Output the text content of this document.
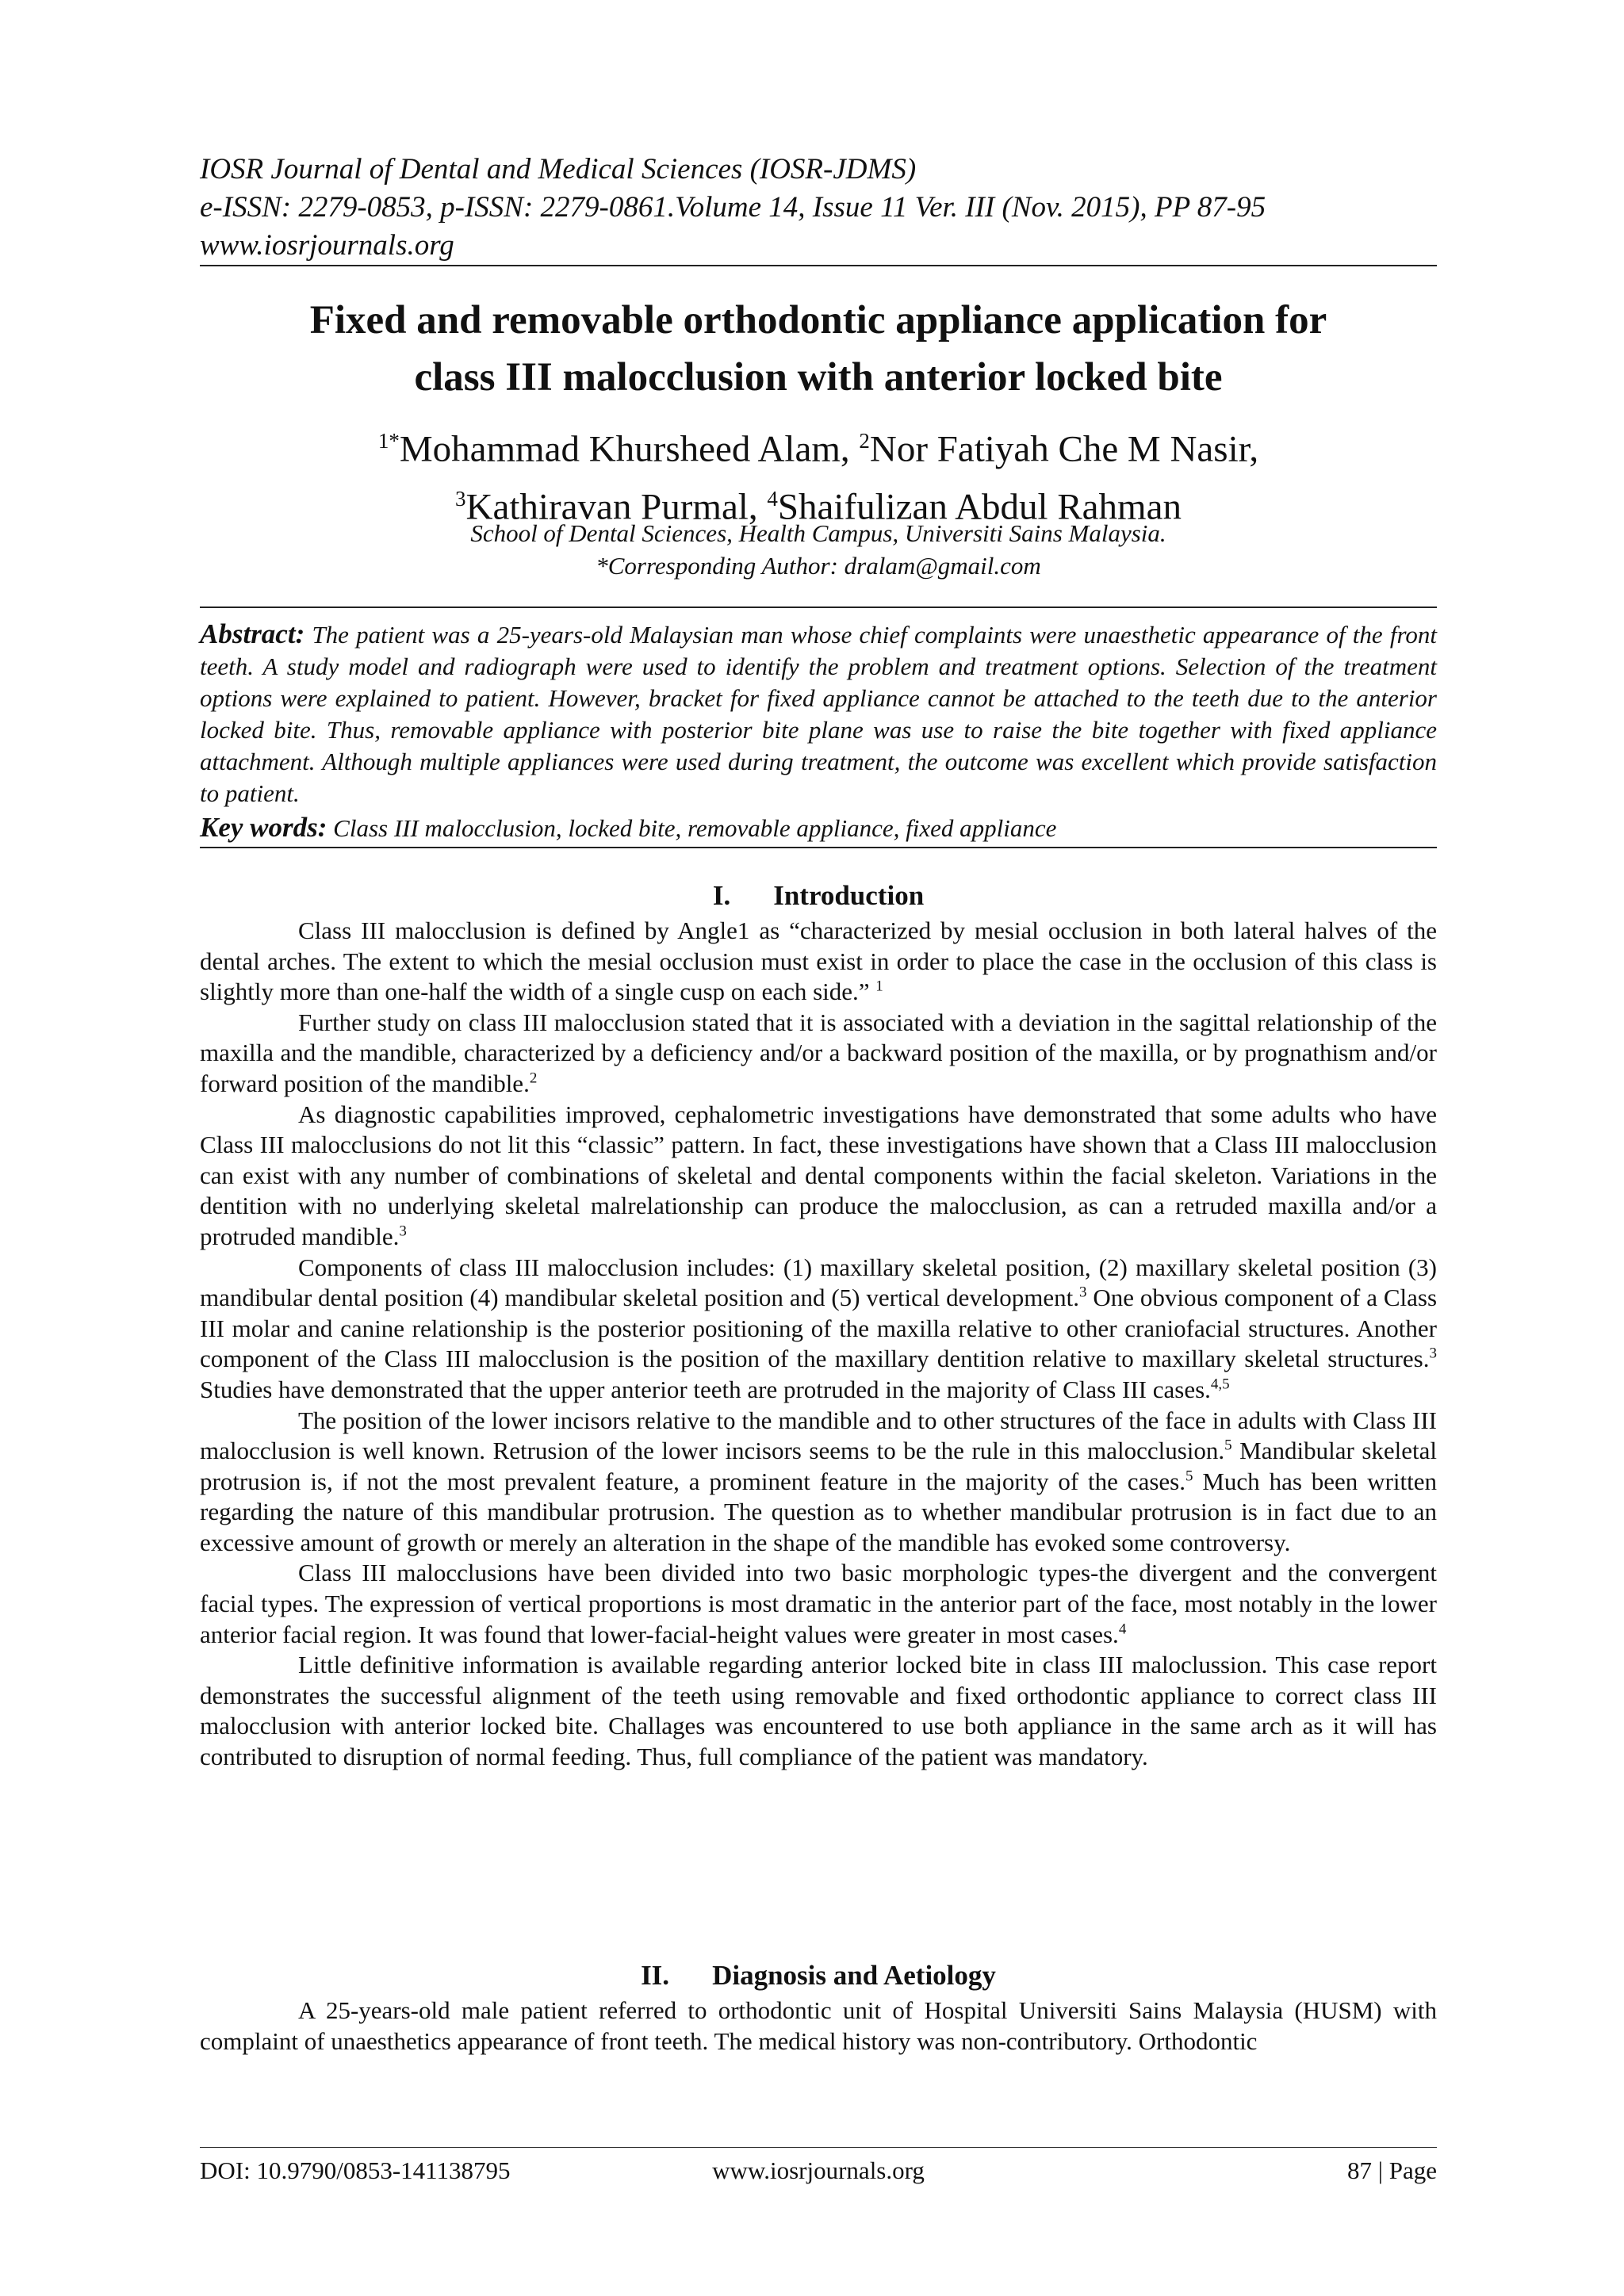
IOSR Journal of Dental and Medical Sciences (IOSR-JDMS)
e-ISSN: 2279-0853, p-ISSN: 2279-0861.Volume 14, Issue 11 Ver. III (Nov. 2015), PP 87-95
www.iosrjournals.org
Fixed and removable orthodontic appliance application for
class III malocclusion with anterior locked bite
$^{1*}$Mohammad Khursheed Alam, $^2$Nor Fatiyah Che M Nasir,
$^3$Kathiravan Purmal, $^4$Shaifulizan Abdul Rahman
School of Dental Sciences, Health Campus, Universiti Sains Malaysia.
*Corresponding Author: dralam@gmail.com
Abstract: The patient was a 25-years-old Malaysian man whose chief complaints were unaesthetic appearance of the front teeth. A study model and radiograph were used to identify the problem and treatment options. Selection of the treatment options were explained to patient. However, bracket for fixed appliance cannot be attached to the teeth due to the anterior locked bite. Thus, removable appliance with posterior bite plane was use to raise the bite together with fixed appliance attachment. Although multiple appliances were used during treatment, the outcome was excellent which provide satisfaction to patient.
Key words: Class III malocclusion, locked bite, removable appliance, fixed appliance
I. Introduction

Class III malocclusion is defined by Angle1 as “characterized by mesial occlusion in both lateral halves of the dental arches. The extent to which the mesial occlusion must exist in order to place the case in the occlusion of this class is slightly more than one-half the width of a single cusp on each side.” $^1$

Further study on class III malocclusion stated that it is associated with a deviation in the sagittal relationship of the maxilla and the mandible, characterized by a deficiency and/or a backward position of the maxilla, or by prognathism and/or forward position of the mandible.$^2$

As diagnostic capabilities improved, cephalometric investigations have demonstrated that some adults who have Class III malocclusions do not lit this “classic” pattern. In fact, these investigations have shown that a Class III malocclusion can exist with any number of combinations of skeletal and dental components within the facial skeleton. Variations in the dentition with no underlying skeletal malrelationship can produce the malocclusion, as can a retruded maxilla and/or a protruded mandible.$^3$

Components of class III malocclusion includes: (1) maxillary skeletal position, (2) maxillary skeletal position (3) mandibular dental position (4) mandibular skeletal position and (5) vertical development.$^3$ One obvious component of a Class III molar and canine relationship is the posterior positioning of the maxilla relative to other craniofacial structures. Another component of the Class III malocclusion is the position of the maxillary dentition relative to maxillary skeletal structures.$^3$ Studies have demonstrated that the upper anterior teeth are protruded in the majority of Class III cases.$^{4,5}$

The position of the lower incisors relative to the mandible and to other structures of the face in adults with Class III malocclusion is well known. Retrusion of the lower incisors seems to be the rule in this malocclusion.$^5$ Mandibular skeletal protrusion is, if not the most prevalent feature, a prominent feature in the majority of the cases.$^5$ Much has been written regarding the nature of this mandibular protrusion. The question as to whether mandibular protrusion is in fact due to an excessive amount of growth or merely an alteration in the shape of the mandible has evoked some controversy.

Class III malocclusions have been divided into two basic morphologic types-the divergent and the convergent facial types. The expression of vertical proportions is most dramatic in the anterior part of the face, most notably in the lower anterior facial region. It was found that lower-facial-height values were greater in most cases.$^4$

Little definitive information is available regarding anterior locked bite in class III maloclussion. This case report demonstrates the successful alignment of the teeth using removable and fixed orthodontic appliance to correct class III malocclusion with anterior locked bite. Challages was encountered to use both appliance in the same arch as it will has contributed to disruption of normal feeding. Thus, full compliance of the patient was mandatory.

II. Diagnosis and Aetiology

A 25-years-old male patient referred to orthodontic unit of Hospital Universiti Sains Malaysia (HUSM) with complaint of unaesthetics appearance of front teeth. The medical history was non-contributory. Orthodontic

DOI: 10.9790/0853-141138795	www.iosrjournals.org	87 | Page
